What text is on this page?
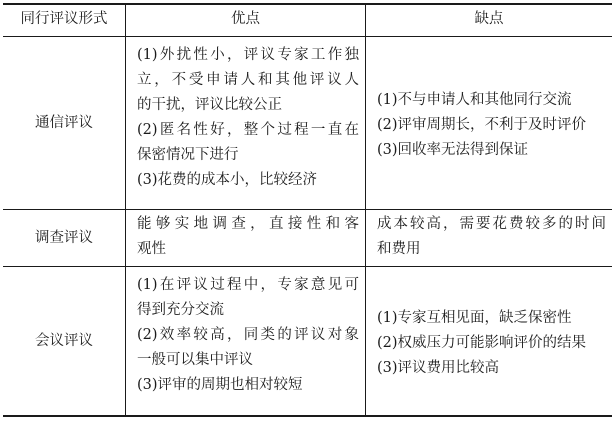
同行评议形式	优点	缺点
通信评议
(1)外扰性小，评议专家工作独
立，不受申请人和其他评议人
的干扰，评议比较公正
(2)匿名性好，整个过程一直在
保密情况下进行
(3)花费的成本小，比较经济
(1)不与申请人和其他同行交流
(2)评审周期长，不利于及时评价
(3)回收率无法得到保证
调查评议
能够实地调查，直接性和客
观性
成本较高，需要花费较多的时间
和费用
会议评议
(1)在评议过程中，专家意见可
得到充分交流
(2)效率较高，同类的评议对象
一般可以集中评议
(3)评审的周期也相对较短
(1)专家互相见面，缺乏保密性
(2)权威压力可能影响评价的结果
(3)评议费用比较高
